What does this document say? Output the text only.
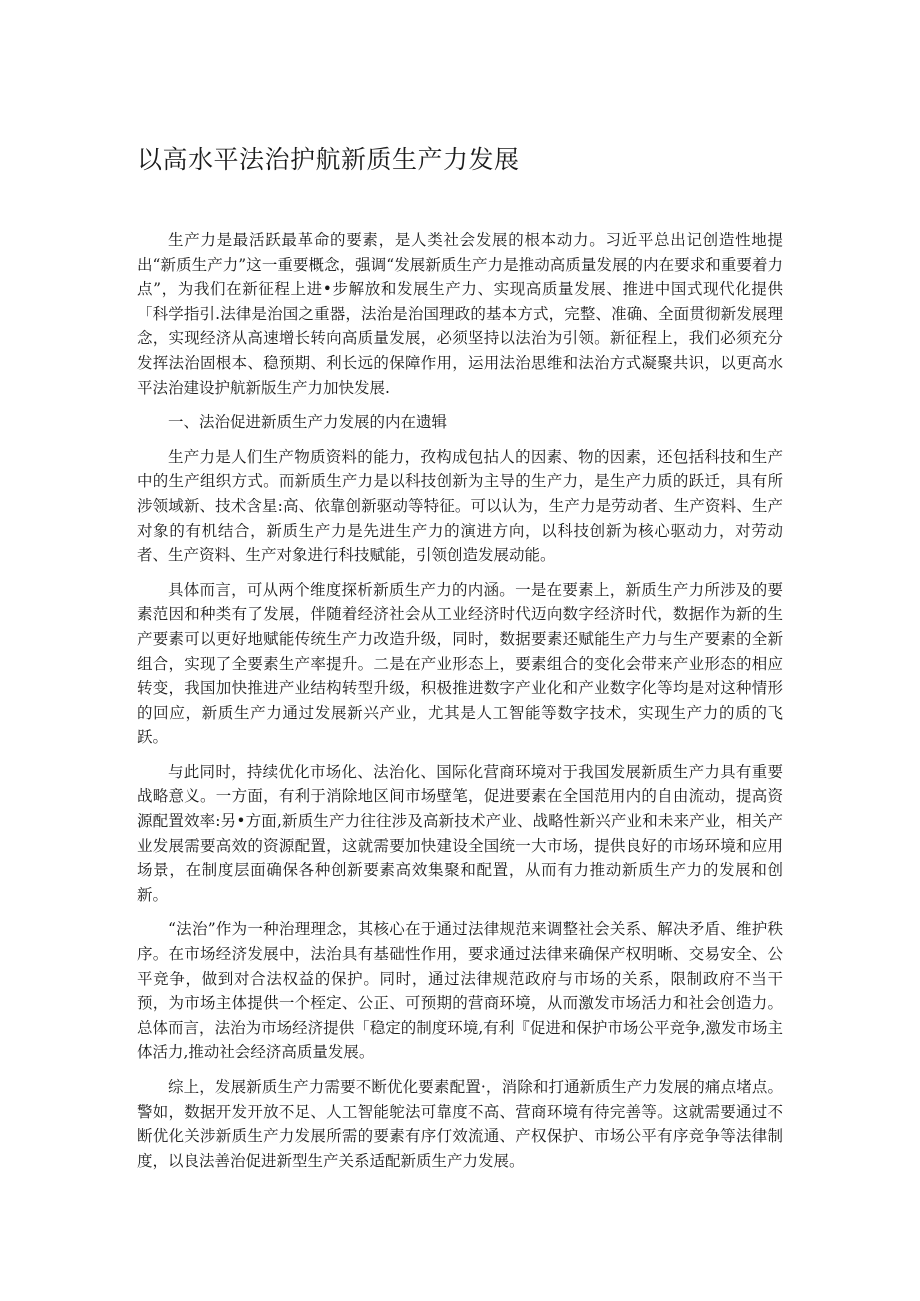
以高水平法治护航新质生产力发展

生产力是最活跃最革命的要素，是人类社会发展的根本动力。习近平总出记创造性地提出“新质生产力”这一重要概念，强调“发展新质生产力是推动高质量发展的内在要求和重要着力点”，为我们在新征程上进•步解放和发展生产力、实现高质量发展、推进中国式现代化提供「科学指引.法律是治国之重器，法治是治国理政的基本方式，完整、准确、全面贯彻新发展理念，实现经济从高速增长转向高质量发展，必须坚持以法治为引领。新征程上，我们必须充分发挥法治固根本、稳预期、利长远的保障作用，运用法治思维和法治方式凝聚共识，以更高水平法治建设护航新版生产力加快发展.

一、法治促进新质生产力发展的内在遗辑

生产力是人们生产物质资料的能力，孜构成包拈人的因素、物的因素，还包括科技和生产中的生产组织方式。而新质生产力是以科技创新为主导的生产力，是生产力质的跃迁，具有所涉领域新、技术含星:高、依靠创新驱动等特征。可以认为，生产力是劳动者、生产资料、生产对象的有机结合，新质生产力是先进生产力的演进方向，以科技创新为核心驱动力，对劳动者、生产资料、生产对象进行科技赋能，引领创造发展动能。

具体而言，可从两个维度探析新质生产力的内涵。一是在要素上，新质生产力所涉及的要素范因和种类有了发展，伴随着经济社会从工业经济时代迈向数字经济时代，数据作为新的生产要素可以更好地赋能传统生产力改造升级，同时，数据要素还赋能生产力与生产要素的全新组合，实现了全要素生产率提升。二是在产业形态上，要素组合的变化会带来产业形态的相应转变，我国加快推进产业结构转型升级，积极推进数字产业化和产业数字化等均是对这种情形的回应，新质生产力通过发展新兴产业，尤其是人工智能等数字技术，实现生产力的质的飞跃。

与此同时，持续优化市场化、法治化、国际化营商环境对于我国发展新质生产力具有重要战略意义。一方面，有利于消除地区间市场壁笔，促进要素在全国范用内的自由流动，提高资源配置效率:另•方面,新质生产力往往涉及高新技术产业、战略性新兴产业和未来产业，相关产业发展需要高效的资源配置，这就需要加快建设全国统一大市场，提供良好的市场环境和应用场景，在制度层面确保各种创新要素高效集聚和配置，从而有力推动新质生产力的发展和创新。

“法治”作为一种治理理念，其核心在于通过法律规范来调整社会关系、解决矛盾、维护秩序。在市场经济发展中，法治具有基础性作用，要求通过法律来确保产权明晰、交易安全、公平竞争，做到对合法权益的保护。同时，通过法律规范政府与市场的关系，限制政府不当干预，为市场主体提供一个桎定、公正、可预期的营商环境，从而激发市场活力和社会创造力。总体而言，法治为市场经济提供「稳定的制度环境,有利『促进和保护市场公平竞争,激发市场主体活力,推动社会经济高质量发展。

综上，发展新质生产力需要不断优化要素配置·，消除和打通新质生产力发展的痛点堵点。警如，数据开发开放不足、人工智能鸵法可靠度不高、营商环境有待完善等。这就需要通过不断优化关涉新质生产力发展所需的要素有序仃效流通、产权保护、市场公平有序竞争等法律制度，以良法善治促进新型生产关系适配新质生产力发展。
